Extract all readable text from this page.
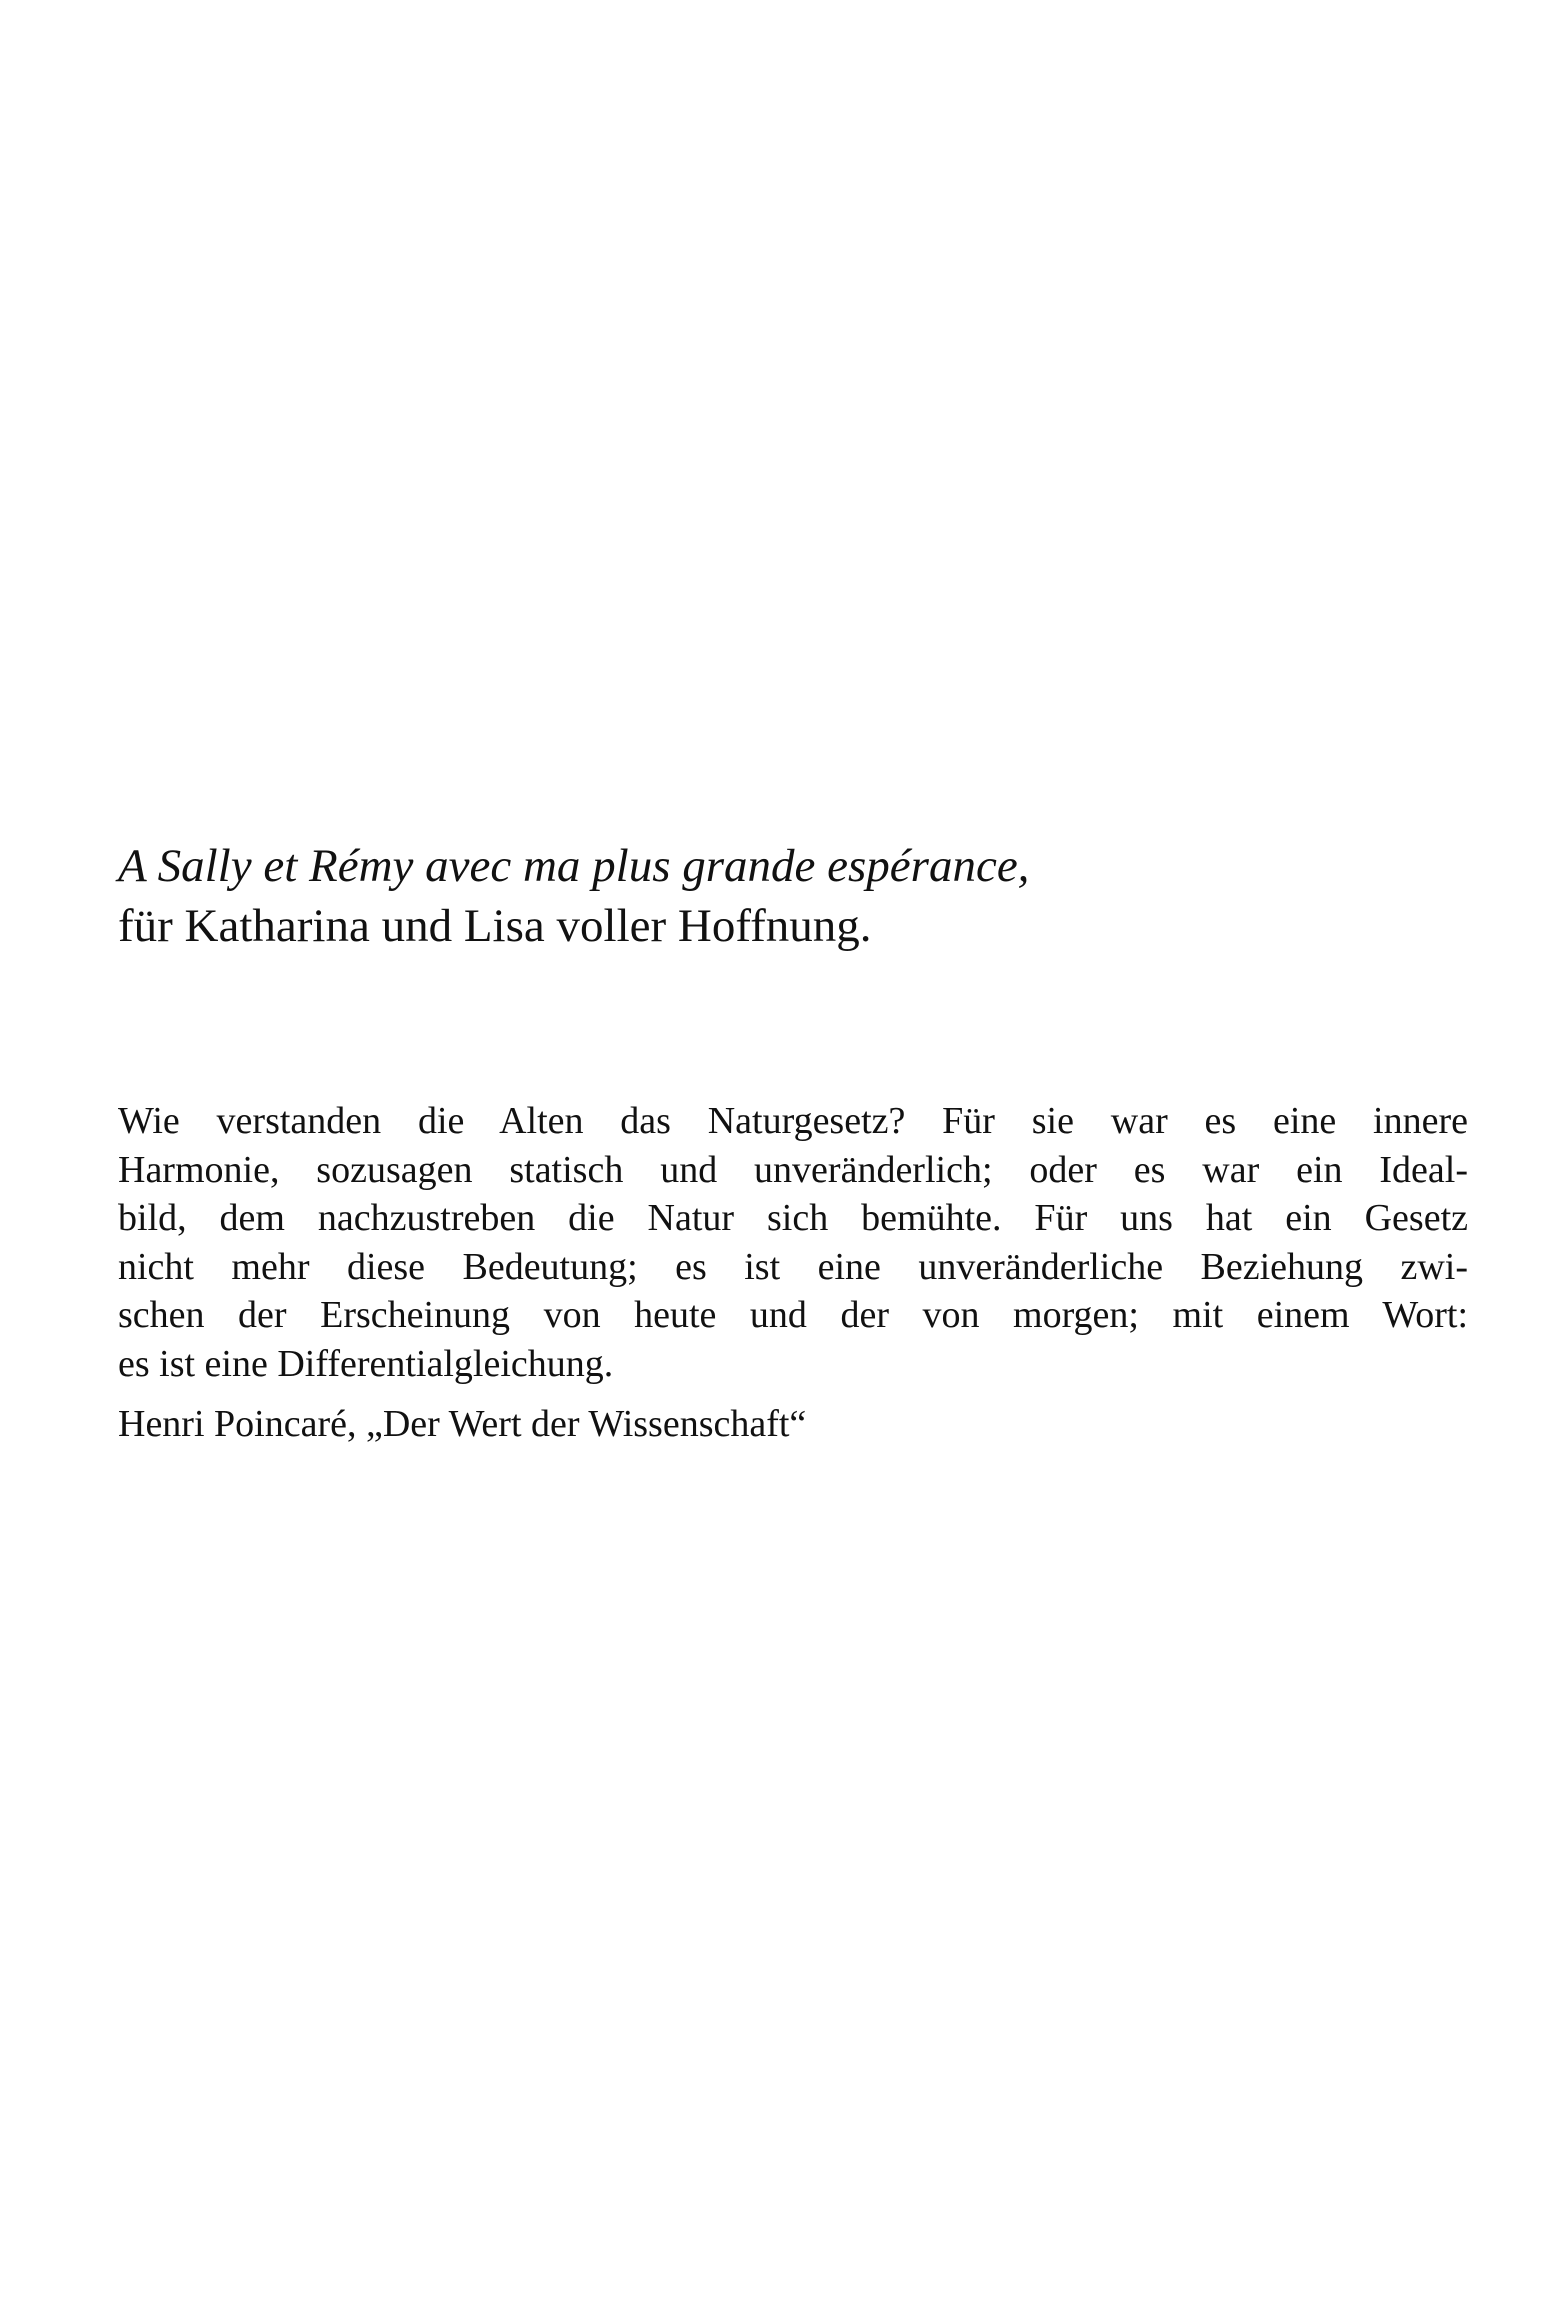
A Sally et Rémy avec ma plus grande espérance,

für Katharina und Lisa voller Hoffnung.

Wie verstanden die Alten das Naturgesetz? Für sie war es eine innere

Harmonie, sozusagen statisch und unveränderlich; oder es war ein Ideal-

bild, dem nachzustreben die Natur sich bemühte. Für uns hat ein Gesetz

nicht mehr diese Bedeutung; es ist eine unveränderliche Beziehung zwi-

schen der Erscheinung von heute und der von morgen; mit einem Wort:

es ist eine Differentialgleichung.

Henri Poincaré, „Der Wert der Wissenschaft“
